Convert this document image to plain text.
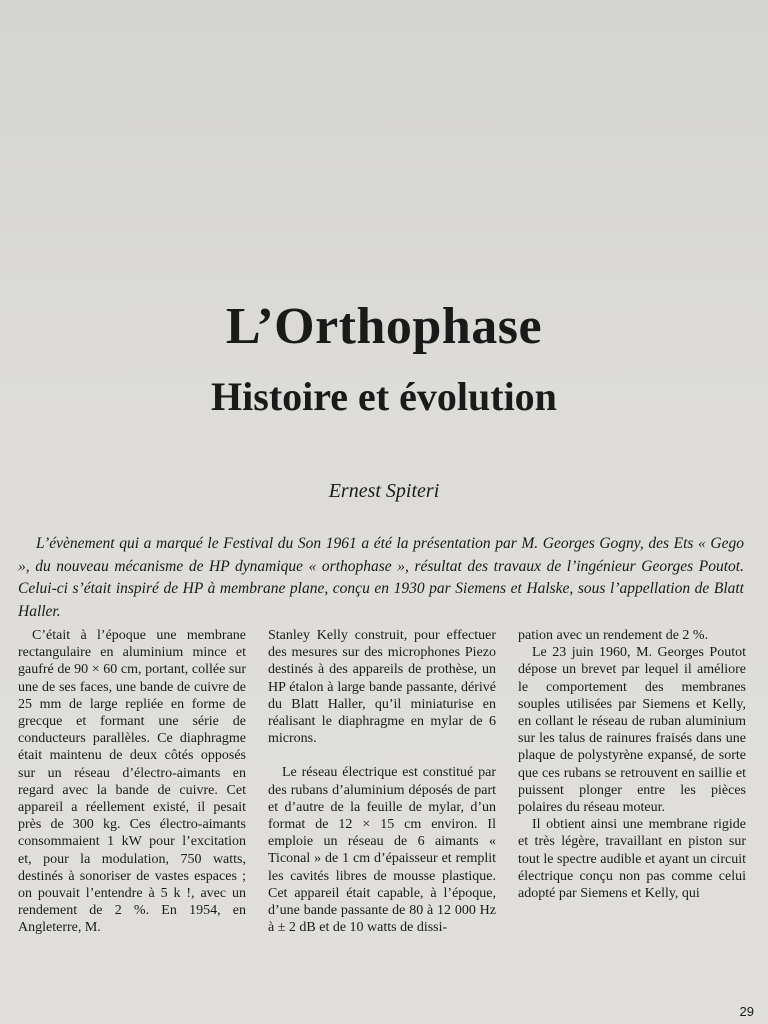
L’Orthophase
Histoire et évolution
Ernest Spiteri
L’évènement qui a marqué le Festival du Son 1961 a été la présentation par M. Georges Gogny, des Ets « Gego », du nouveau mécanisme de HP dynamique « orthophase », résultat des travaux de l’ingénieur Georges Poutot. Celui-ci s’était inspiré de HP à membrane plane, conçu en 1930 par Siemens et Halske, sous l’appellation de Blatt Haller.

C’était à l’époque une membrane rectangulaire en aluminium mince et gaufré de 90 × 60 cm, portant, collée sur une de ses faces, une bande de cuivre de 25 mm de large repliée en forme de grecque et formant une série de conducteurs parallèles. Ce diaphragme était maintenu de deux côtés opposés sur un réseau d’électro-aimants en regard avec la bande de cuivre. Cet appareil a réellement existé, il pesait près de 300 kg. Ces électro-aimants consommaient 1 kW pour l’excitation et, pour la modulation, 750 watts, destinés à sonoriser de vastes espaces ; on pouvait l’entendre à 5 k !, avec un rendement de 2 %. En 1954, en Angleterre, M.

Stanley Kelly construit, pour effectuer des mesures sur des microphones Piezo destinés à des appareils de prothèse, un HP étalon à large bande passante, dérivé du Blatt Haller, qu’il miniaturise en réalisant le diaphragme en mylar de 6 microns.

Le réseau électrique est constitué par des rubans d’aluminium déposés de part et d’autre de la feuille de mylar, d’un format de 12 × 15 cm environ. Il emploie un réseau de 6 aimants « Ticonal » de 1 cm d’épaisseur et remplit les cavités libres de mousse plastique. Cet appareil était capable, à l’époque, d’une bande passante de 80 à 12 000 Hz à ± 2 dB et de 10 watts de dissi-

pation avec un rendement de 2 %.

Le 23 juin 1960, M. Georges Poutot dépose un brevet par lequel il améliore le comportement des membranes souples utilisées par Siemens et Kelly, en collant le réseau de ruban aluminium sur les talus de rainures fraisés dans une plaque de polystyrène expansé, de sorte que ces rubans se retrouvent en saillie et puissent plonger entre les pièces polaires du réseau moteur.

Il obtient ainsi une membrane rigide et très légère, travaillant en piston sur tout le spectre audible et ayant un circuit électrique conçu non pas comme celui adopté par Siemens et Kelly, qui

29
